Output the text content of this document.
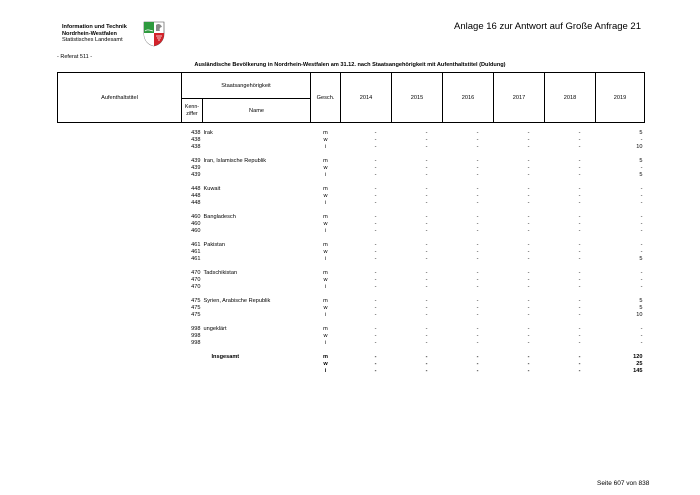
Information und Technik
Nordrhein-Westfalen
Statistisches Landesamt
Anlage 16 zur Antwort auf Große Anfrage 21
- Referat 511 -
Ausländische Bevölkerung in Nordrhein-Westfalen am 31.12. nach Staatsangehörigkeit mit Aufenthaltstitel (Duldung)
Aufenthaltstitel	Staatsangehörigkeit		Gesch.	2014	2015	2016	2017	2018	2019
	Kenn-
ziffer	Name							

	438	Irak	m	-	-	-	-	-	5
	438		w	-	-	-	-	-	-
	438		i	-	-	-	-	-	10

	439	Iran, Islamische Republik	m	-	-	-	-	-	5
	439		w	-	-	-	-	-	-
	439		i	-	-	-	-	-	5

	448	Kuwait	m	-	-	-	-	-	-
	448		w	-	-	-	-	-	-
	448		i	-	-	-	-	-	-

	460	Bangladesch	m	-	-	-	-	-	-
	460		w	-	-	-	-	-	-
	460		i	-	-	-	-	-	-

	461	Pakistan	m	-	-	-	-	-	-
	461		w	-	-	-	-	-	-
	461		i	-	-	-	-	-	5

	470	Tadschikistan	m	-	-	-	-	-	-
	470		w	-	-	-	-	-	-
	470		i	-	-	-	-	-	-

	475	Syrien, Arabische Republik	m	-	-	-	-	-	5
	475		w	-	-	-	-	-	5
	475		i	-	-	-	-	-	10

	998	ungeklärt	m	-	-	-	-	-	-
	998		w	-	-	-	-	-	-
	998		i	-	-	-	-	-	-

		Insgesamt	m	-	-	-	-	-	120
			w	-	-	-	-	-	25
			i	-	-	-	-	-	145
Seite 607 von 838
